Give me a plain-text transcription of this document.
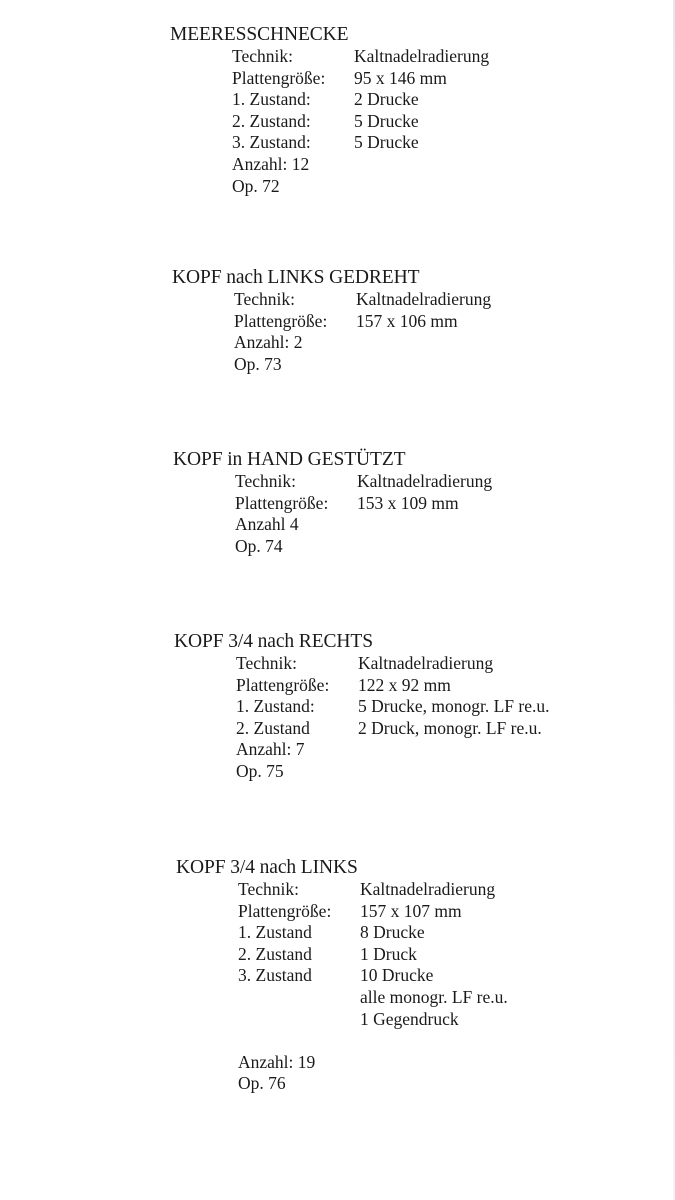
MEERESSCHNECKE
Technik:	Kaltnadelradierung
Plattengröße:	95 x 146 mm
1. Zustand:	2 Drucke
2. Zustand:	5 Drucke
3. Zustand:	5 Drucke
Anzahl: 12
Op. 72
KOPF nach LINKS GEDREHT
Technik:	Kaltnadelradierung
Plattengröße:	157 x 106 mm
Anzahl: 2
Op. 73
KOPF in HAND GESTÜTZT
Technik:	Kaltnadelradierung
Plattengröße:	153 x 109 mm
Anzahl 4
Op. 74
KOPF 3/4 nach RECHTS
Technik:	Kaltnadelradierung
Plattengröße:	122 x 92 mm
1. Zustand:	5 Drucke, monogr. LF re.u.
2. Zustand	2 Druck, monogr. LF re.u.
Anzahl: 7
Op. 75
KOPF 3/4 nach LINKS
Technik:	Kaltnadelradierung
Plattengröße:	157 x 107 mm
1. Zustand	8 Drucke
2. Zustand	1 Druck
3. Zustand	10 Drucke
alle monogr. LF re.u.
1 Gegendruck
Anzahl: 19
Op. 76
